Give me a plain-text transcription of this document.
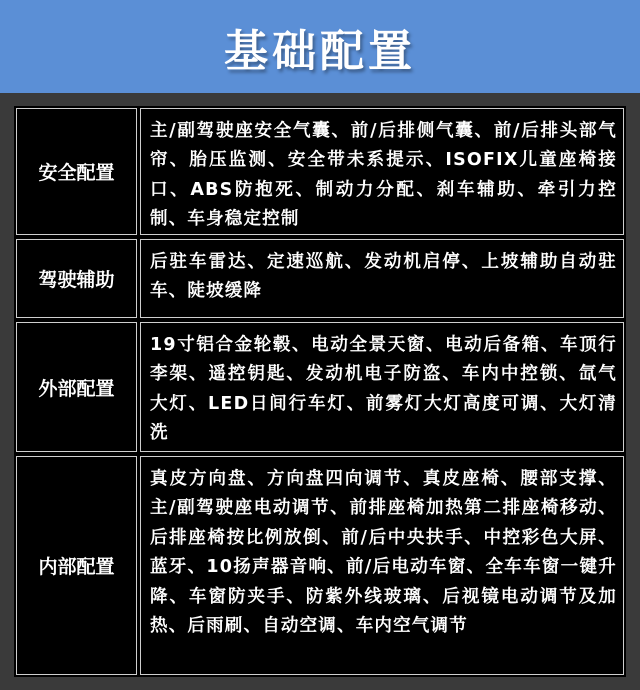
基础配置
安全配置
主/副驾驶座安全气囊、前/后排侧气囊、前/后排头部气帘、胎压监测、安全带未系提示、ISOFIX儿童座椅接口、ABS防抱死、制动力分配、刹车辅助、牵引力控制、车身稳定控制
驾驶辅助
后驻车雷达、定速巡航、发动机启停、上坡辅助自动驻车、陡坡缓降
外部配置
19寸铝合金轮毂、电动全景天窗、电动后备箱、车顶行李架、遥控钥匙、发动机电子防盗、车内中控锁、氙气大灯、LED日间行车灯、前雾灯大灯高度可调、大灯清洗
内部配置
真皮方向盘、方向盘四向调节、真皮座椅、腰部支撑、主/副驾驶座电动调节、前排座椅加热第二排座椅移动、后排座椅按比例放倒、前/后中央扶手、中控彩色大屏、蓝牙、10扬声器音响、前/后电动车窗、全车车窗一键升降、车窗防夹手、防紫外线玻璃、后视镜电动调节及加热、后雨刷、自动空调、车内空气调节
